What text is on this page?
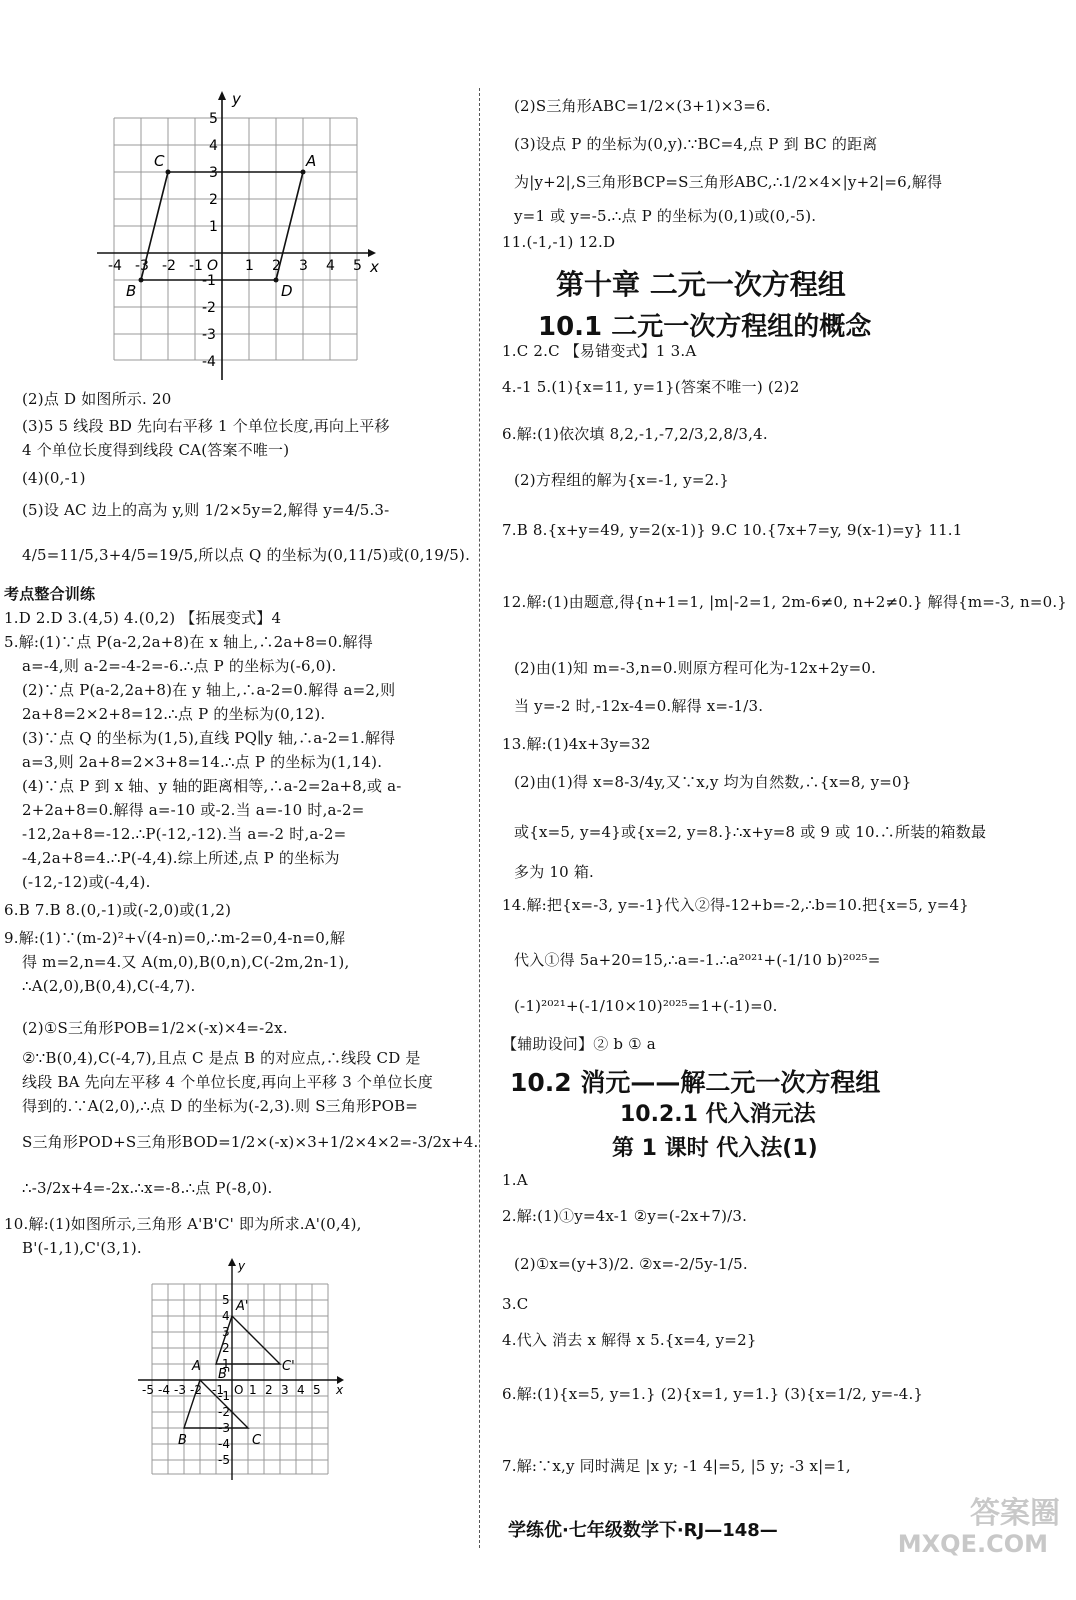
y
x
O
-4 -3 -2 -1	1 2 3 4 5
5
4
3
2
1
-1
-2
-3
-4
C	A
B	D
(2)点 D 如图所示. 20
(3)5 5 线段 BD 先向右平移 1 个单位长度,再向上平移
4 个单位长度得到线段 CA(答案不唯一)
(4)(0,-1)
(5)设 AC 边上的高为 y,则 1/2×5y=2,解得 y=4/5.3-
4/5=11/5,3+4/5=19/5,所以点 Q 的坐标为(0,11/5)或(0,19/5).
考点整合训练
1.D 2.D 3.(4,5) 4.(0,2) 【拓展变式】4
5.解:(1)∵点 P(a-2,2a+8)在 x 轴上,∴2a+8=0.解得
a=-4,则 a-2=-4-2=-6.∴点 P 的坐标为(-6,0).
(2)∵点 P(a-2,2a+8)在 y 轴上,∴a-2=0.解得 a=2,则
2a+8=2×2+8=12.∴点 P 的坐标为(0,12).
(3)∵点 Q 的坐标为(1,5),直线 PQ∥y 轴,∴a-2=1.解得
a=3,则 2a+8=2×3+8=14.∴点 P 的坐标为(1,14).
(4)∵点 P 到 x 轴、y 轴的距离相等,∴a-2=2a+8,或 a-
2+2a+8=0.解得 a=-10 或-2.当 a=-10 时,a-2=
-12,2a+8=-12.∴P(-12,-12).当 a=-2 时,a-2=
-4,2a+8=4.∴P(-4,4).综上所述,点 P 的坐标为
(-12,-12)或(-4,4).
6.B 7.B 8.(0,-1)或(-2,0)或(1,2)
9.解:(1)∵(m-2)²+√(4-n)=0,∴m-2=0,4-n=0,解
得 m=2,n=4.又 A(m,0),B(0,n),C(-2m,2n-1),
∴A(2,0),B(0,4),C(-4,7).
(2)①S三角形POB=1/2×(-x)×4=-2x.
②∵B(0,4),C(-4,7),且点 C 是点 B 的对应点,∴线段 CD 是
线段 BA 先向左平移 4 个单位长度,再向上平移 3 个单位长度
得到的.∵A(2,0),∴点 D 的坐标为(-2,3).则 S三角形POB=
S三角形POD+S三角形BOD=1/2×(-x)×3+1/2×4×2=-3/2x+4.
∴-3/2x+4=-2x.∴x=-8.∴点 P(-8,0).
10.解:(1)如图所示,三角形 A'B'C' 即为所求.A'(0,4),
B'(-1,1),C'(3,1).
y
x
O
-5 -4 -3 -2 -1 1 2 3 4 5
5
4
3
2
1
-1
-2
-3
-4
-5
A'
A
B'
C'
B	C
(2)S三角形ABC=1/2×(3+1)×3=6.
(3)设点 P 的坐标为(0,y).∵BC=4,点 P 到 BC 的距离
为|y+2|,S三角形BCP=S三角形ABC,∴1/2×4×|y+2|=6,解得
y=1 或 y=-5.∴点 P 的坐标为(0,1)或(0,-5).
11.(-1,-1) 12.D
第十章 二元一次方程组
10.1 二元一次方程组的概念
1.C 2.C 【易错变式】1 3.A
4.-1 5.(1){x=11, y=1}(答案不唯一) (2)2
6.解:(1)依次填 8,2,-1,-7,2/3,2,8/3,4.
(2)方程组的解为{x=-1, y=2.}
7.B 8.{x+y=49, y=2(x-1)} 9.C 10.{7x+7=y, 9(x-1)=y} 11.1
12.解:(1)由题意,得{n+1=1, |m|-2=1, 2m-6≠0, n+2≠0.} 解得{m=-3, n=0.}
(2)由(1)知 m=-3,n=0.则原方程可化为-12x+2y=0.
当 y=-2 时,-12x-4=0.解得 x=-1/3.
13.解:(1)4x+3y=32
(2)由(1)得 x=8-3/4y,又∵x,y 均为自然数,∴{x=8, y=0}
或{x=5, y=4}或{x=2, y=8.}∴x+y=8 或 9 或 10.∴所装的箱数最
多为 10 箱.
14.解:把{x=-3, y=-1}代入②得-12+b=-2,∴b=10.把{x=5, y=4}
代入①得 5a+20=15,∴a=-1.∴a²⁰²¹+(-1/10 b)²⁰²⁵=
(-1)²⁰²¹+(-1/10×10)²⁰²⁵=1+(-1)=0.
【辅助设问】② b ① a
10.2 消元——解二元一次方程组
10.2.1 代入消元法
第 1 课时 代入法(1)
1.A
2.解:(1)①y=4x-1 ②y=(-2x+7)/3.
(2)①x=(y+3)/2. ②x=-2/5y-1/5.
3.C
4.代入 消去 x 解得 x 5.{x=4, y=2}
6.解:(1){x=5, y=1.} (2){x=1, y=1.} (3){x=1/2, y=-4.}
7.解:∵x,y 同时满足 |x y; -1 4|=5, |5 y; -3 x|=1,
学练优·七年级数学下·RJ—148—	答案圈
MXQE.COM
